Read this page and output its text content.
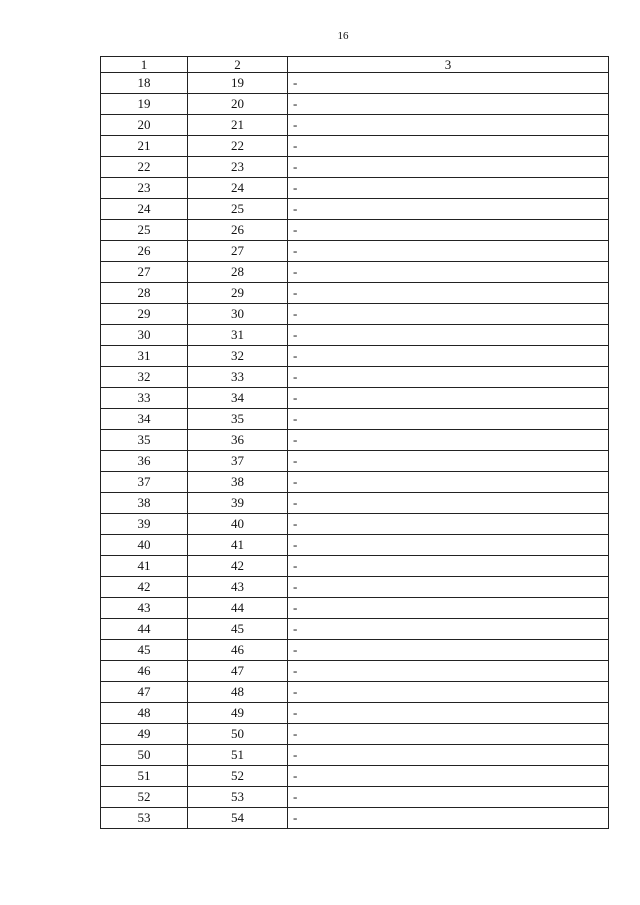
16
1	2	3
18	19	-
19	20	-
20	21	-
21	22	-
22	23	-
23	24	-
24	25	-
25	26	-
26	27	-
27	28	-
28	29	-
29	30	-
30	31	-
31	32	-
32	33	-
33	34	-
34	35	-
35	36	-
36	37	-
37	38	-
38	39	-
39	40	-
40	41	-
41	42	-
42	43	-
43	44	-
44	45	-
45	46	-
46	47	-
47	48	-
48	49	-
49	50	-
50	51	-
51	52	-
52	53	-
53	54	-
